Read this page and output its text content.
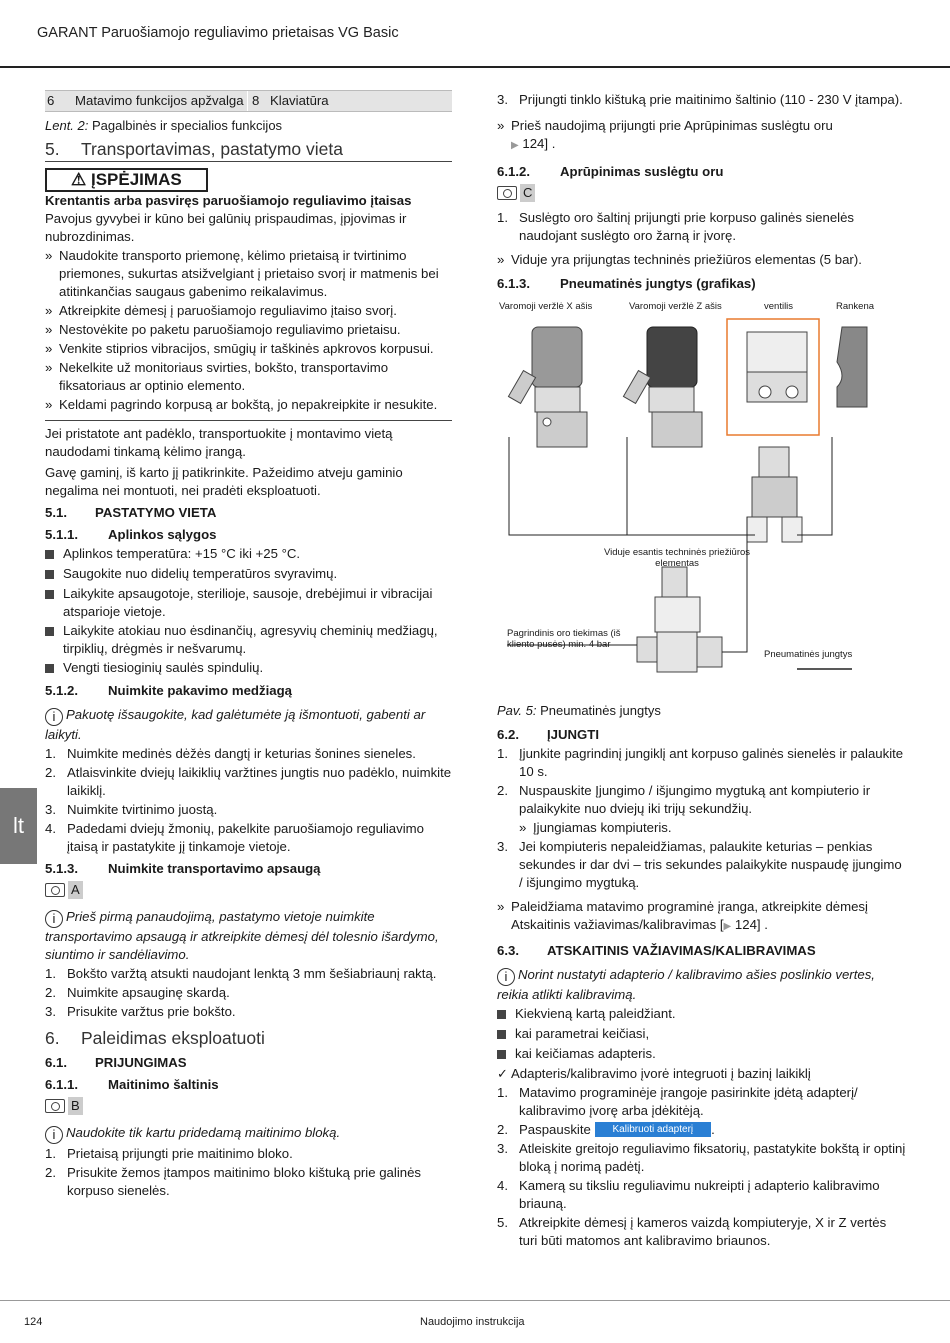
GARANT Paruošiamojo reguliavimo prietaisas VG Basic
lt
6	Matavimo funkcijos apžvalga 8 Klaviatūra
Lent. 2: Pagalbinės ir specialios funkcijos
5. Transportavimas, pastatymo vieta
⚠ ĮSPĖJIMAS

Krentantis arba pasviręs paruošiamojo reguliavimo įtaisas

Pavojus gyvybei ir kūno bei galūnių prispaudimas, įpjovimas ir nubrozdinimas.

» Naudokite transporto priemonę, kėlimo prietaisą ir tvirtinimo priemones, sukurtas atsižvelgiant į prietaiso svorį ir matmenis bei atitinkančias saugaus gabenimo reikalavimus.
» Atkreipkite dėmesį į paruošiamojo reguliavimo įtaiso svorį.
» Nestovėkite po paketu paruošiamojo reguliavimo prietaisu.
» Venkite stiprios vibracijos, smūgių ir taškinės apkrovos korpusui.
» Nekelkite už monitoriaus svirties, bokšto, transportavimo fiksatoriaus ar optinio elemento.
» Keldami pagrindo korpusą ar bokštą, jo nepakreipkite ir nesukite.

Jei pristatote ant padėklo, transportuokite į montavimo vietą naudodami tinkamą kėlimo įrangą.

Gavę gaminį, iš karto jį patikrinkite. Pažeidimo atveju gaminio negalima nei montuoti, nei pradėti eksploatuoti.

5.1.	PASTATYMO VIETA
5.1.1.	Aplinkos sąlygos
Aplinkos temperatūra: +15 °C iki +25 °C.
Saugokite nuo didelių temperatūros svyravimų.
Laikykite apsaugotoje, sterilioje, sausoje, drebėjimui ir vibracijai atsparioje vietoje.
Laikykite atokiau nuo ėsdinančių, agresyvių cheminių medžiagų, tirpiklių, drėgmės ir nešvarumų.
Vengti tiesioginių saulės spindulių.
5.1.2.	Nuimkite pakavimo medžiagą
i Pakuotę išsaugokite, kad galėtumėte ją išmontuoti, gabenti ar laikyti.
1. Nuimkite medinės dėžės dangtį ir keturias šonines sieneles.
2. Atlaisvinkite dviejų laikiklių varžtines jungtis nuo padėklo, nuimkite laikiklį.
3. Nuimkite tvirtinimo juostą.
4. Padedami dviejų žmonių, pakelkite paruošiamojo reguliavimo įtaisą ir pastatykite jį tinkamoje vietoje.
5.1.3.	Nuimkite transportavimo apsaugą
A
i Prieš pirmą panaudojimą, pastatymo vietoje nuimkite transportavimo apsaugą ir atkreipkite dėmesį dėl tolesnio išardymo, siuntimo ir sandėliavimo.
1. Bokšto varžtą atsukti naudojant lenktą 3 mm šešiabriaunį raktą.
2. Nuimkite apsauginę skardą.
3. Prisukite varžtus prie bokšto.
6. Paleidimas eksploatuoti
6.1.	PRIJUNGIMAS
6.1.1.	Maitinimo šaltinis
B
i Naudokite tik kartu pridedamą maitinimo bloką.
1. Prietaisą prijungti prie maitinimo bloko.
2. Prisukite žemos įtampos maitinimo bloko kištuką prie galinės korpuso sienelės.
3. Prijungti tinklo kištuką prie maitinimo šaltinio (110 - 230 V įtampa).
» Prieš naudojimą prijungti prie Aprūpinimas suslėgtu oru
▶ 124] .
6.1.2.	Aprūpinimas suslėgtu oru
C
1. Suslėgto oro šaltinį prijungti prie korpuso galinės sienelės naudojant suslėgto oro žarną ir įvorę.
» Viduje yra prijungtas techninės priežiūros elementas (5 bar).
6.1.3.	Pneumatinės jungtys (grafikas)
Varomoji veržlė X ašis	Varomoji veržlė Z ašis	ventilis	Rankena
Viduje esantis techninės priežiūros elementas
Pagrindinis oro tiekimas (iš kliento pusės) min. 4 bar
Pneumatinės jungtys
Pav. 5: Pneumatinės jungtys
6.2.	ĮJUNGTI
1. Įjunkite pagrindinį jungiklį ant korpuso galinės sienelės ir palaukite 10 s.
2. Nuspauskite Įjungimo / išjungimo mygtuką ant kompiuterio ir palaikykite nuo dviejų iki trijų sekundžių.
» Įjungiamas kompiuteris.
3. Jei kompiuteris nepaleidžiamas, palaukite keturias – penkias sekundes ir dar dvi – tris sekundes palaikykite nuspaudę įjungimo / išjungimo mygtuką.
» Paleidžiama matavimo programinė įranga, atkreipkite dėmesį Atskaitinis važiavimas/kalibravimas [▶ 124] .
6.3.	ATSKAITINIS VAŽIAVIMAS/KALIBRAVIMAS
i Norint nustatyti adapterio / kalibravimo ašies poslinkio vertes, reikia atlikti kalibravimą.
Kiekvieną kartą paleidžiant.
kai parametrai keičiasi,
kai keičiamas adapteris.
✓ Adapteris/kalibravimo įvorė integruoti į bazinį laikiklį
1. Matavimo programinėje įrangoje pasirinkite įdėtą adapterį/ kalibravimo įvorę arba įdėkitėją.
2. Paspauskite Kalibruoti adapterį .
3. Atleiskite greitojo reguliavimo fiksatorių, pastatykite bokštą ir optinį bloką į norimą padėtį.
4. Kamerą su tiksliu reguliavimu nukreipti į adapterio kalibravimo briauną.
5. Atkreipkite dėmesį į kameros vaizdą kompiuteryje, X ir Z vertės turi būti matomos ant kalibravimo briaunos.
124	Naudojimo instrukcija
